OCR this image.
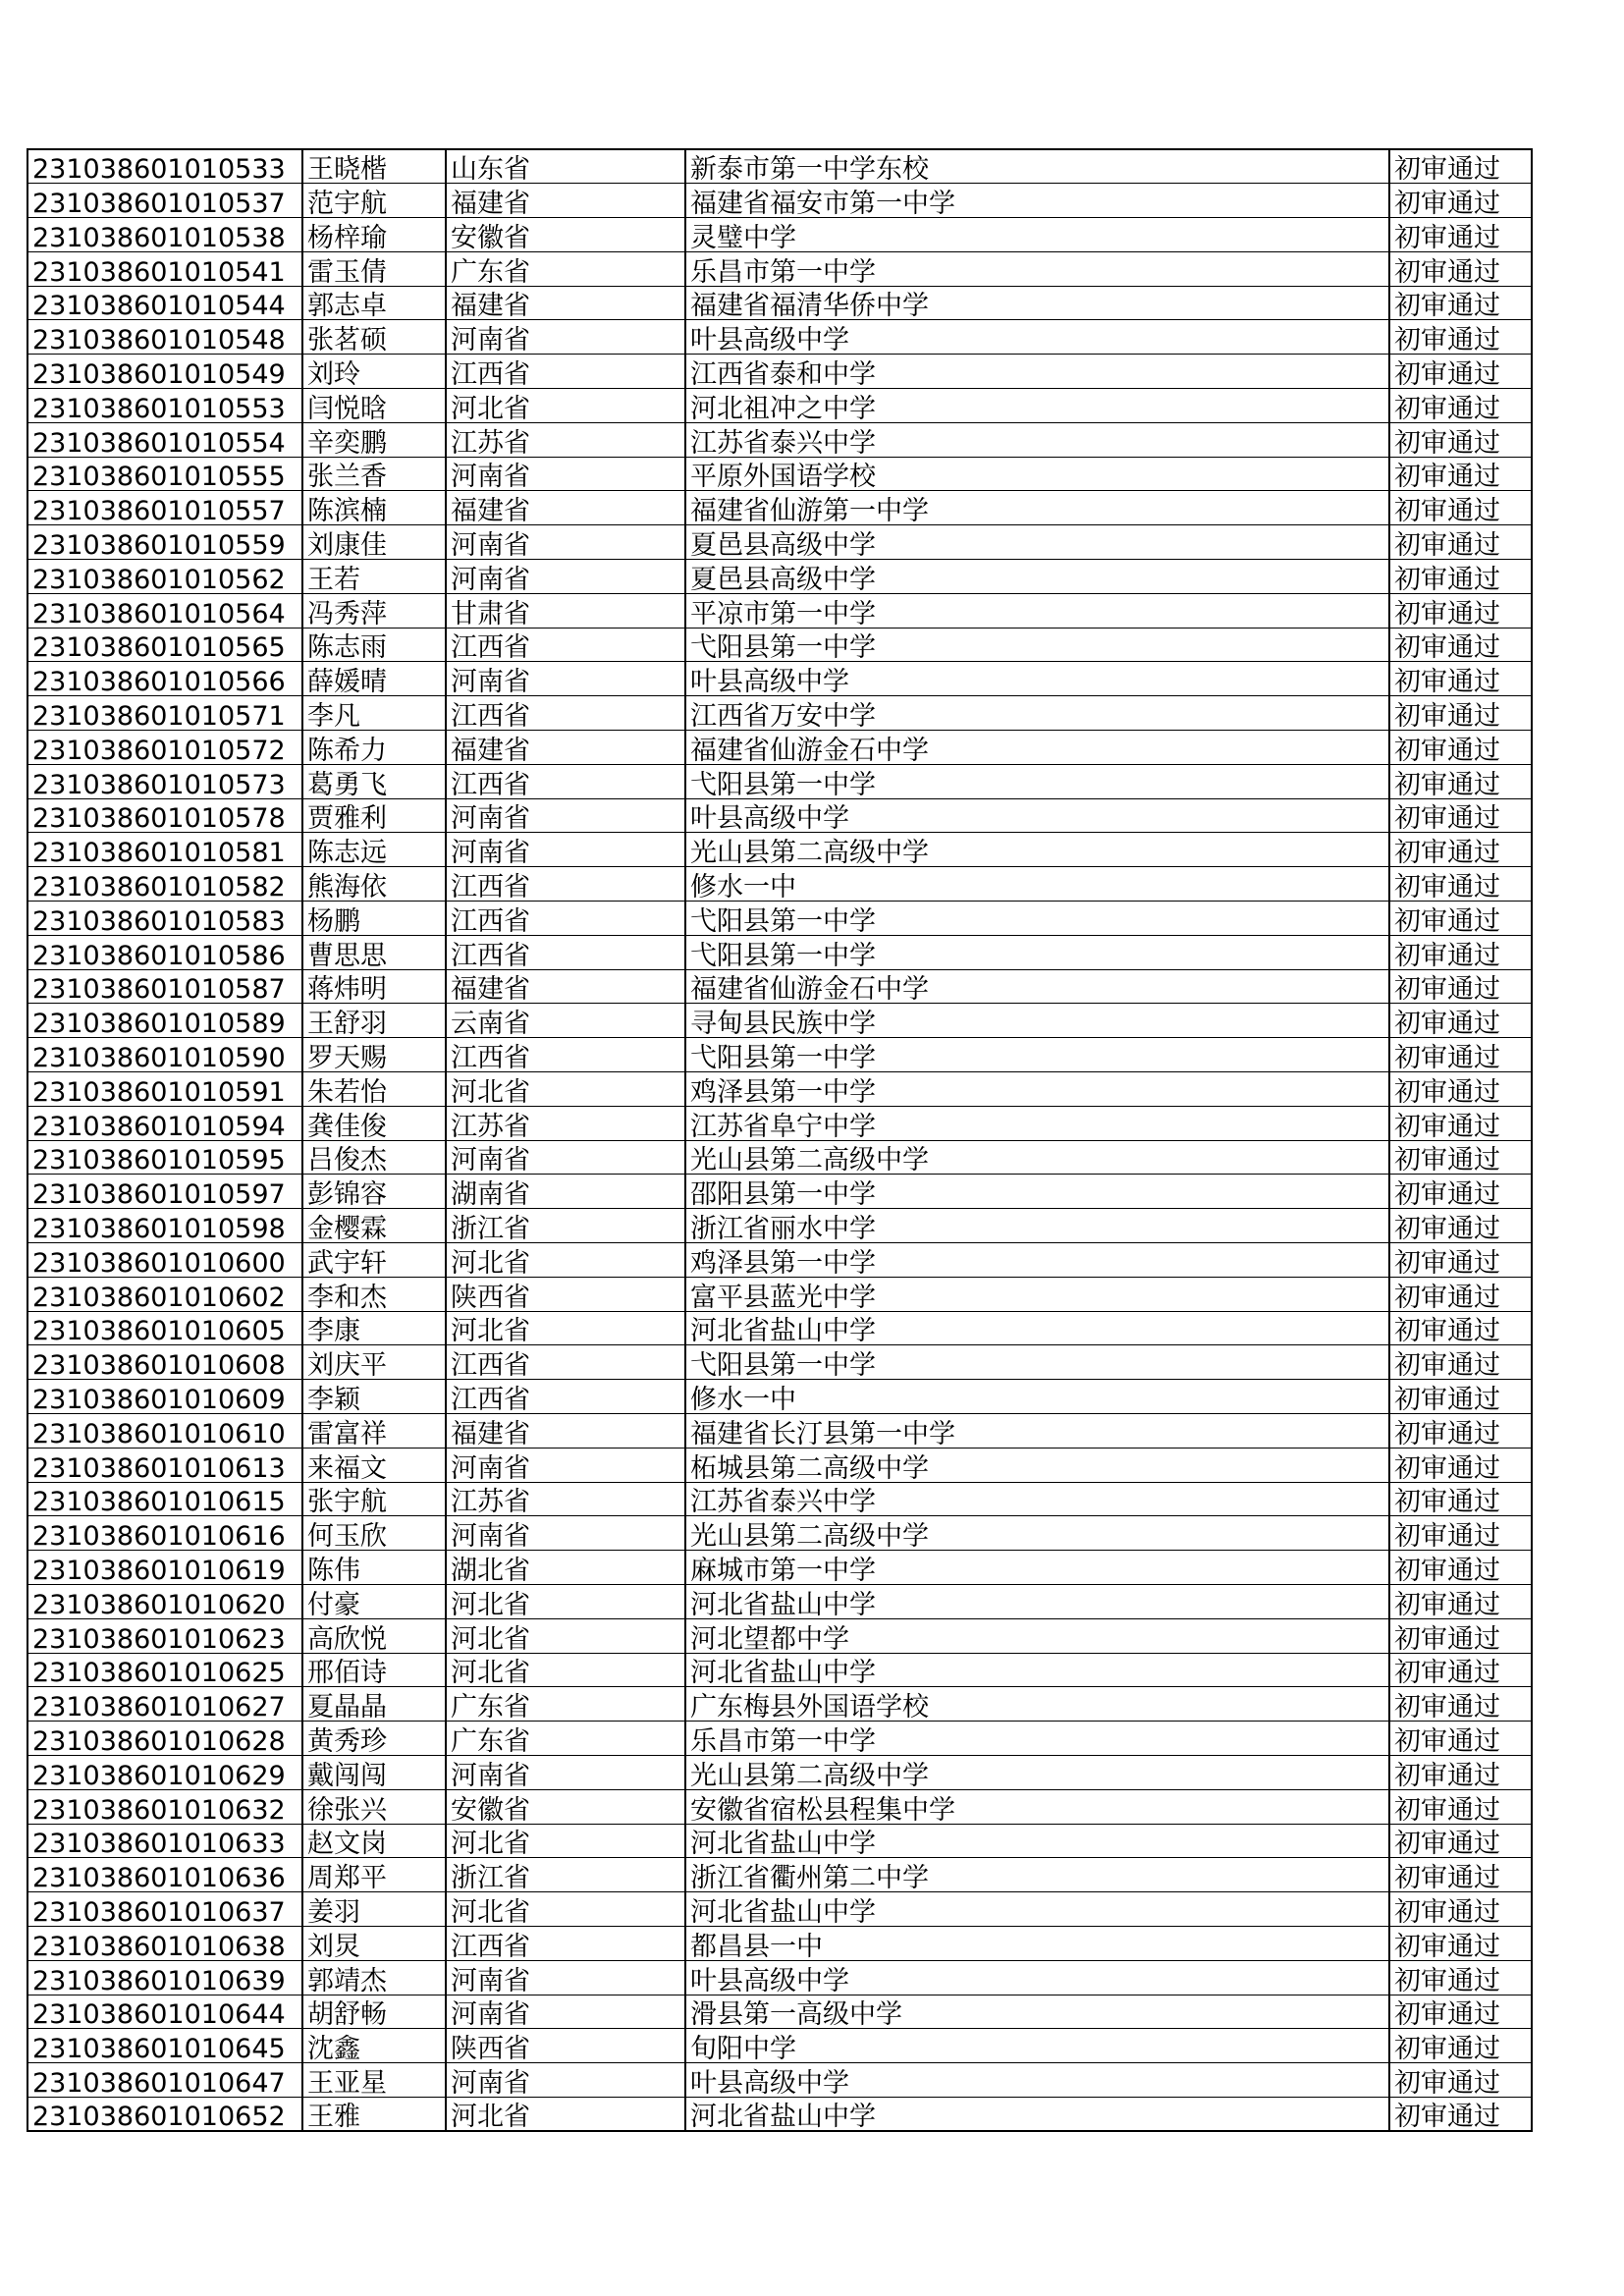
231038601010533	王晓楷	山东省	新泰市第一中学东校	初审通过
231038601010537	范宇航	福建省	福建省福安市第一中学	初审通过
231038601010538	杨梓瑜	安徽省	灵璧中学	初审通过
231038601010541	雷玉倩	广东省	乐昌市第一中学	初审通过
231038601010544	郭志卓	福建省	福建省福清华侨中学	初审通过
231038601010548	张茗硕	河南省	叶县高级中学	初审通过
231038601010549	刘玲	江西省	江西省泰和中学	初审通过
231038601010553	闫悦晗	河北省	河北祖冲之中学	初审通过
231038601010554	辛奕鹏	江苏省	江苏省泰兴中学	初审通过
231038601010555	张兰香	河南省	平原外国语学校	初审通过
231038601010557	陈滨楠	福建省	福建省仙游第一中学	初审通过
231038601010559	刘康佳	河南省	夏邑县高级中学	初审通过
231038601010562	王若	河南省	夏邑县高级中学	初审通过
231038601010564	冯秀萍	甘肃省	平凉市第一中学	初审通过
231038601010565	陈志雨	江西省	弋阳县第一中学	初审通过
231038601010566	薛媛晴	河南省	叶县高级中学	初审通过
231038601010571	李凡	江西省	江西省万安中学	初审通过
231038601010572	陈希力	福建省	福建省仙游金石中学	初审通过
231038601010573	葛勇飞	江西省	弋阳县第一中学	初审通过
231038601010578	贾雅利	河南省	叶县高级中学	初审通过
231038601010581	陈志远	河南省	光山县第二高级中学	初审通过
231038601010582	熊海依	江西省	修水一中	初审通过
231038601010583	杨鹏	江西省	弋阳县第一中学	初审通过
231038601010586	曹思思	江西省	弋阳县第一中学	初审通过
231038601010587	蒋炜明	福建省	福建省仙游金石中学	初审通过
231038601010589	王舒羽	云南省	寻甸县民族中学	初审通过
231038601010590	罗天赐	江西省	弋阳县第一中学	初审通过
231038601010591	朱若怡	河北省	鸡泽县第一中学	初审通过
231038601010594	龚佳俊	江苏省	江苏省阜宁中学	初审通过
231038601010595	吕俊杰	河南省	光山县第二高级中学	初审通过
231038601010597	彭锦容	湖南省	邵阳县第一中学	初审通过
231038601010598	金樱霖	浙江省	浙江省丽水中学	初审通过
231038601010600	武宇轩	河北省	鸡泽县第一中学	初审通过
231038601010602	李和杰	陕西省	富平县蓝光中学	初审通过
231038601010605	李康	河北省	河北省盐山中学	初审通过
231038601010608	刘庆平	江西省	弋阳县第一中学	初审通过
231038601010609	李颖	江西省	修水一中	初审通过
231038601010610	雷富祥	福建省	福建省长汀县第一中学	初审通过
231038601010613	来福文	河南省	柘城县第二高级中学	初审通过
231038601010615	张宇航	江苏省	江苏省泰兴中学	初审通过
231038601010616	何玉欣	河南省	光山县第二高级中学	初审通过
231038601010619	陈伟	湖北省	麻城市第一中学	初审通过
231038601010620	付豪	河北省	河北省盐山中学	初审通过
231038601010623	高欣悦	河北省	河北望都中学	初审通过
231038601010625	邢佰诗	河北省	河北省盐山中学	初审通过
231038601010627	夏晶晶	广东省	广东梅县外国语学校	初审通过
231038601010628	黄秀珍	广东省	乐昌市第一中学	初审通过
231038601010629	戴闯闯	河南省	光山县第二高级中学	初审通过
231038601010632	徐张兴	安徽省	安徽省宿松县程集中学	初审通过
231038601010633	赵文岗	河北省	河北省盐山中学	初审通过
231038601010636	周郑平	浙江省	浙江省衢州第二中学	初审通过
231038601010637	姜羽	河北省	河北省盐山中学	初审通过
231038601010638	刘炅	江西省	都昌县一中	初审通过
231038601010639	郭靖杰	河南省	叶县高级中学	初审通过
231038601010644	胡舒畅	河南省	滑县第一高级中学	初审通过
231038601010645	沈鑫	陕西省	旬阳中学	初审通过
231038601010647	王亚星	河南省	叶县高级中学	初审通过
231038601010652	王雅	河北省	河北省盐山中学	初审通过
